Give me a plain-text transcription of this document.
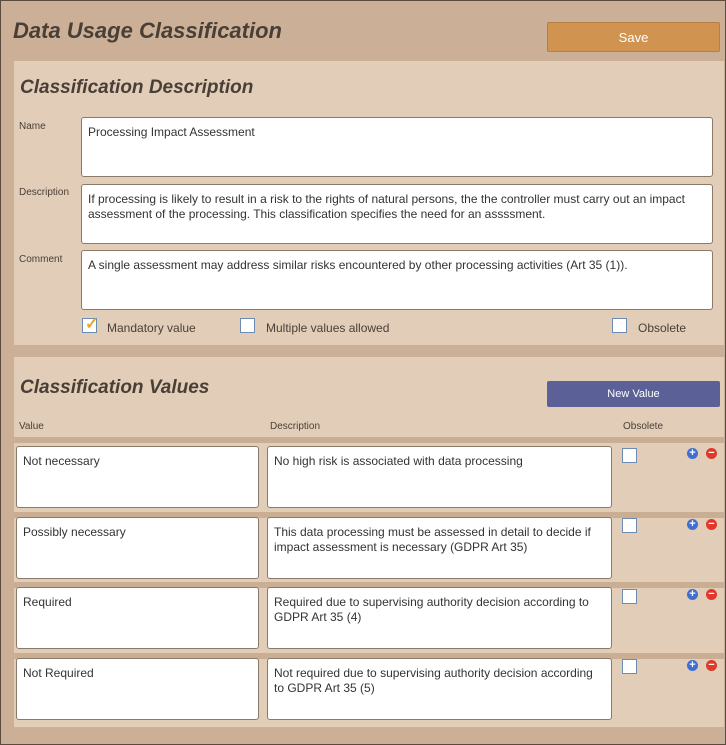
Data Usage Classification	Save
Classification Description
Name	Processing Impact Assessment
Description	If processing is likely to result in a risk to the rights of natural persons, the the controller must carry out an impact assessment of the processing. This classification specifies the need for an assssment.
Comment	A single assessment may address similar risks encountered by other processing activities (Art 35 (1)).
✓ Mandatory value	Multiple values allowed	Obsolete
Classification Values	New Value
Value	Description	Obsolete
Not necessary	No high risk is associated with data processing
+ −
Possibly necessary	This data processing must be assessed in detail to decide if impact assessment is necessary (GDPR Art 35)
+ −
Required	Required due to supervising authority decision according to GDPR Art 35 (4)
+ −
Not Required	Not required due to supervising authority decision according to GDPR Art 35 (5)
+ −
